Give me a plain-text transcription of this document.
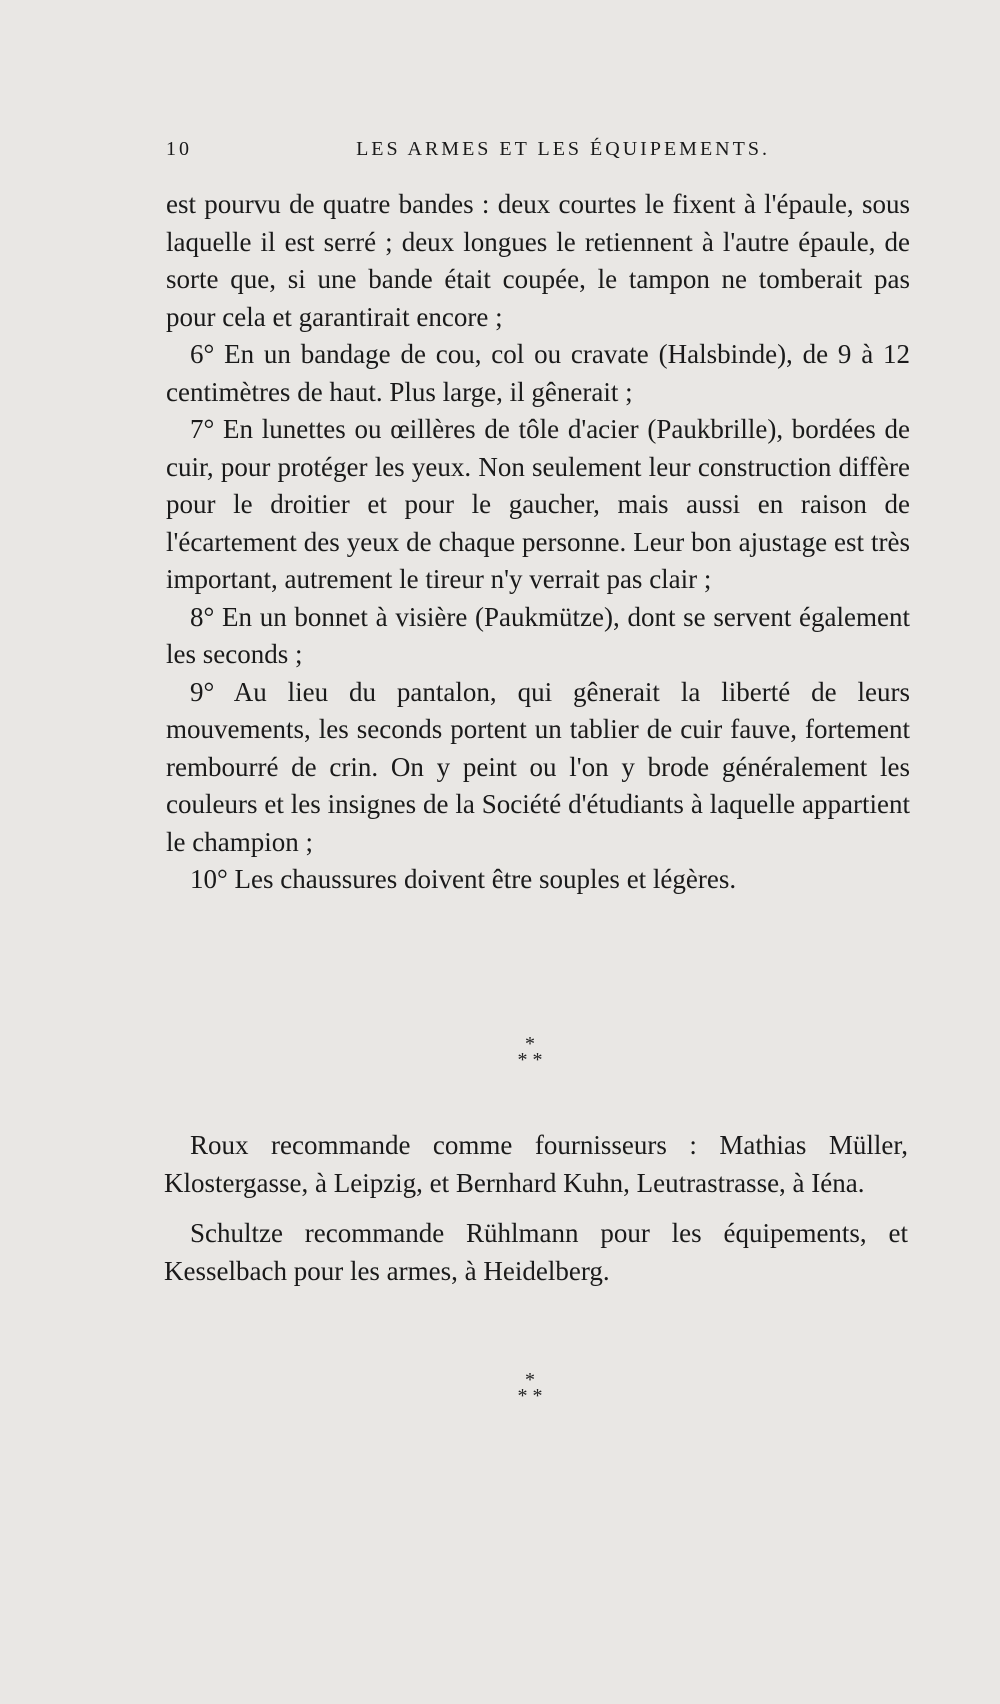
10	LES ARMES ET LES ÉQUIPEMENTS.

est pourvu de quatre bandes : deux courtes le fixent à l'épaule, sous laquelle il est serré ; deux longues le retiennent à l'autre épaule, de sorte que, si une bande était coupée, le tampon ne tomberait pas pour cela et garantirait encore ;

6° En un bandage de cou, col ou cravate (Halsbinde), de 9 à 12 centimètres de haut. Plus large, il gênerait ;

7° En lunettes ou œillères de tôle d'acier (Paukbrille), bordées de cuir, pour protéger les yeux. Non seulement leur construction diffère pour le droitier et pour le gaucher, mais aussi en raison de l'écartement des yeux de chaque personne. Leur bon ajustage est très important, autrement le tireur n'y verrait pas clair ;

8° En un bonnet à visière (Paukmütze), dont se servent également les seconds ;

9° Au lieu du pantalon, qui gênerait la liberté de leurs mouvements, les seconds portent un tablier de cuir fauve, fortement rembourré de crin. On y peint ou l'on y brode généralement les couleurs et les insignes de la Société d'étudiants à laquelle appartient le champion ;

10° Les chaussures doivent être souples et légères.

*
* *

Roux recommande comme fournisseurs : Mathias Müller, Klostergasse, à Leipzig, et Bernhard Kuhn, Leutrastrasse, à Iéna.

Schultze recommande Rühlmann pour les équipements, et Kesselbach pour les armes, à Heidelberg.

*
* *
